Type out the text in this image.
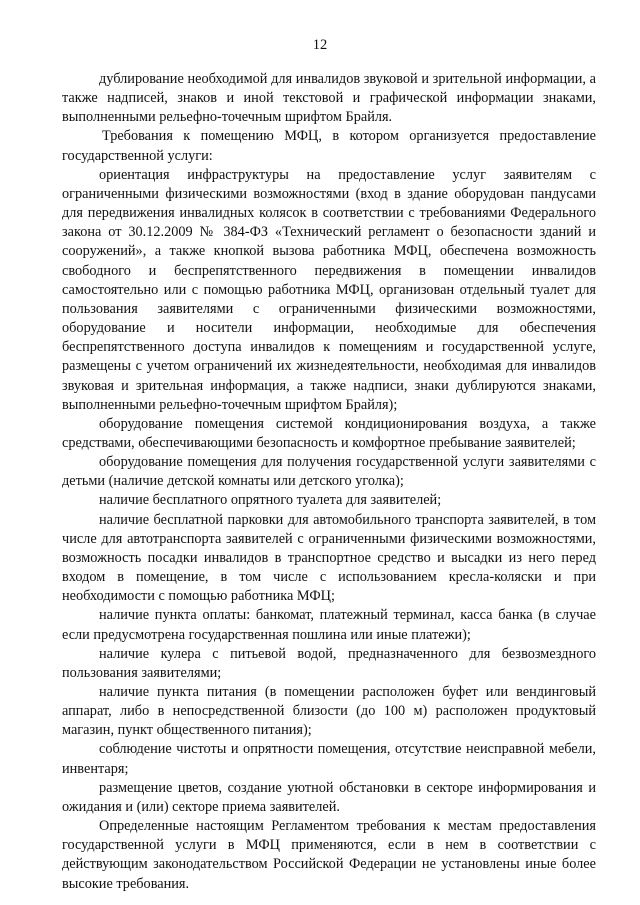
12

дублирование необходимой для инвалидов звуковой и зрительной информации, а также надписей, знаков и иной текстовой и графической информации знаками, выполненными рельефно-точечным шрифтом Брайля.

Требования к помещению МФЦ, в котором организуется предоставление государственной услуги:

ориентация инфраструктуры на предоставление услуг заявителям с ограниченными физическими возможностями (вход в здание оборудован пандусами для передвижения инвалидных колясок в соответствии с требованиями Федерального закона от 30.12.2009 № 384-ФЗ «Технический регламент о безопасности зданий и сооружений», а также кнопкой вызова работника МФЦ, обеспечена возможность свободного и беспрепятственного передвижения в помещении инвалидов самостоятельно или с помощью работника МФЦ, организован отдельный туалет для пользования заявителями с ограниченными физическими возможностями, оборудование и носители информации, необходимые для обеспечения беспрепятственного доступа инвалидов к помещениям и государственной услуге, размещены с учетом ограничений их жизнедеятельности, необходимая для инвалидов звуковая и зрительная информация, а также надписи, знаки дублируются знаками, выполненными рельефно-точечным шрифтом Брайля);

оборудование помещения системой кондиционирования воздуха, а также средствами, обеспечивающими безопасность и комфортное пребывание заявителей;

оборудование помещения для получения государственной услуги заявителями с детьми (наличие детской комнаты или детского уголка);

наличие бесплатного опрятного туалета для заявителей;

наличие бесплатной парковки для автомобильного транспорта заявителей, в том числе для автотранспорта заявителей с ограниченными физическими возможностями, возможность посадки инвалидов в транспортное средство и высадки из него перед входом в помещение, в том числе с использованием кресла-коляски и при необходимости с помощью работника МФЦ;

наличие пункта оплаты: банкомат, платежный терминал, касса банка (в случае если предусмотрена государственная пошлина или иные платежи);

наличие кулера с питьевой водой, предназначенного для безвозмездного пользования заявителями;

наличие пункта питания (в помещении расположен буфет или вендинговый аппарат, либо в непосредственной близости (до 100 м) расположен продуктовый магазин, пункт общественного питания);

соблюдение чистоты и опрятности помещения, отсутствие неисправной мебели, инвентаря;

размещение цветов, создание уютной обстановки в секторе информирования и ожидания и (или) секторе приема заявителей.

Определенные настоящим Регламентом требования к местам предоставления государственной услуги в МФЦ применяются, если в нем в соответствии с действующим законодательством Российской Федерации не установлены иные более высокие требования.
